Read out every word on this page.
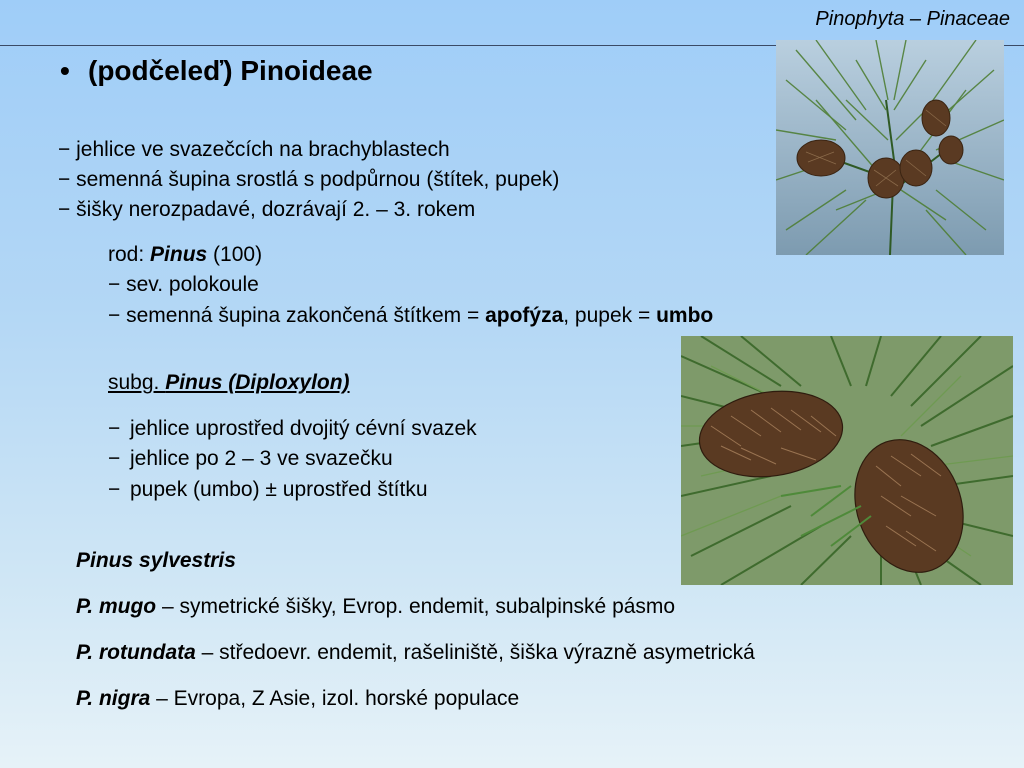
Pinophyta – Pinaceae

• (podčeleď) Pinoideae

− jehlice ve svazečcích na brachyblastech

− semenná šupina srostlá s podpůrnou (štítek, pupek)

− šišky nerozpadavé, dozrávají 2. – 3. rokem

rod: Pinus (100)

− sev. polokoule

− semenná šupina zakončená štítkem = apofýza, pupek = umbo

subg. Pinus (Diploxylon)

− jehlice uprostřed dvojitý cévní svazek

− jehlice po 2 – 3 ve svazečku

− pupek (umbo) ± uprostřed štítku

Pinus sylvestris

P. mugo – symetrické šišky, Evrop. endemit, subalpinské pásmo

P. rotundata – středoevr. endemit, rašeliniště, šiška výrazně asymetrická

P. nigra – Evropa, Z Asie, izol. horské populace
